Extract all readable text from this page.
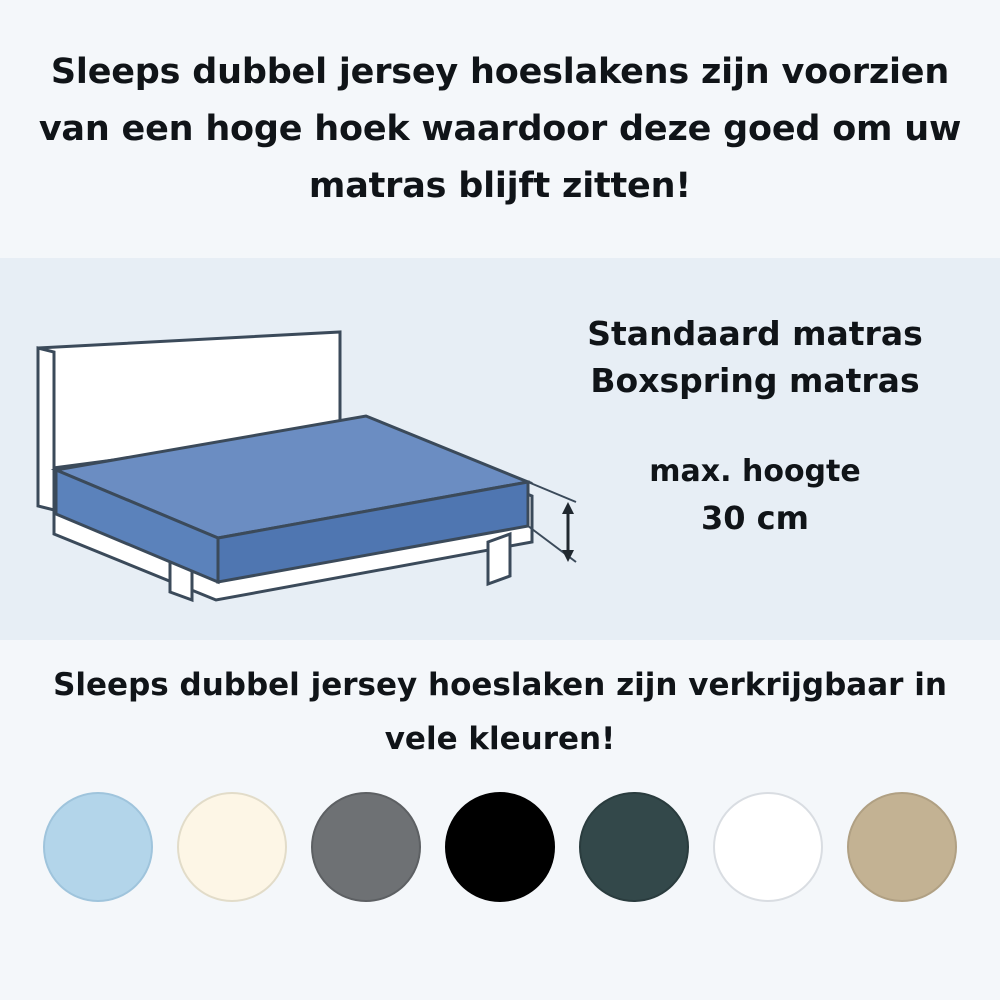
Sleeps dubbel jersey hoeslakens zijn voorzien
van een hoge hoek waardoor deze goed om uw
matras blijft zitten!
Standaard matras
Boxspring matras
max. hoogte
30 cm
Sleeps dubbel jersey hoeslaken zijn verkrijgbaar in
vele kleuren!
